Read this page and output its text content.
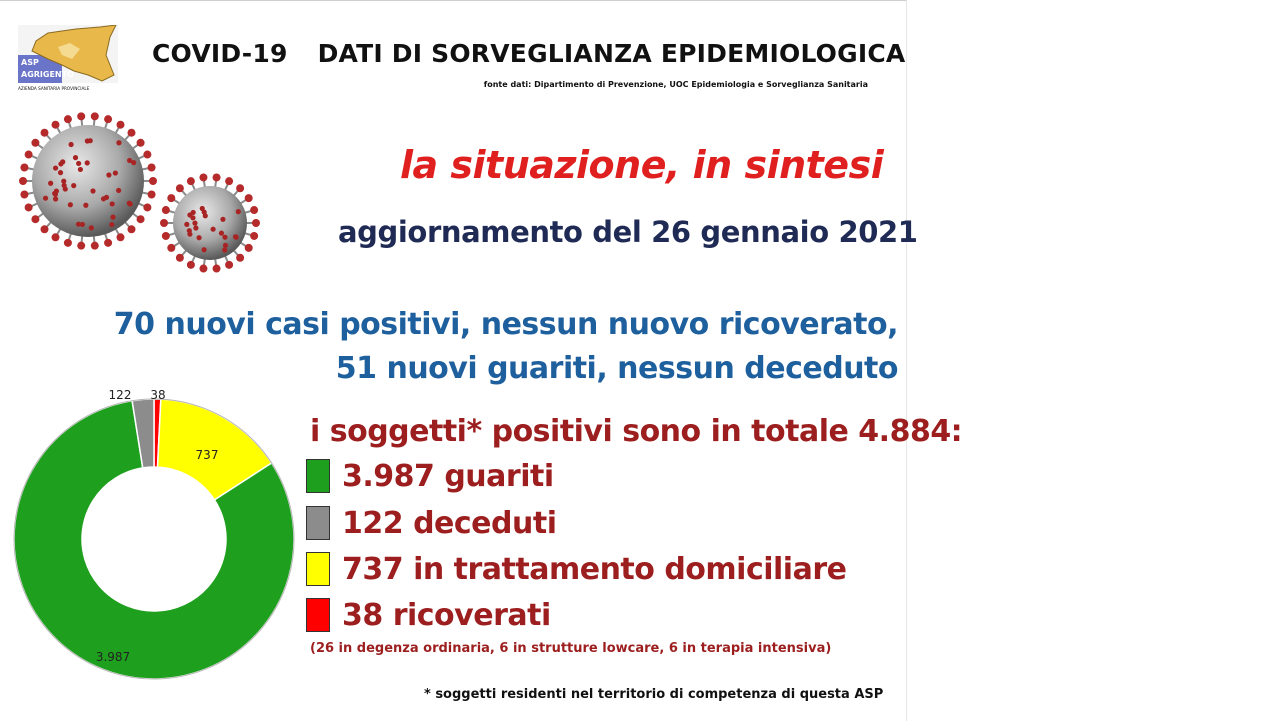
ASP
AGRIGENTO
AZIENDA SANITARIA PROVINCIALE
COVID-19 DATI DI SORVEGLIANZA EPIDEMIOLOGICA
fonte dati: Dipartimento di Prevenzione, UOC Epidemiologia e Sorveglianza Sanitaria
la situazione, in sintesi
aggiornamento del 26 gennaio 2021
70 nuovi casi positivi, nessun nuovo ricoverato,
51 nuovi guariti, nessun deceduto
i soggetti* positivi sono in totale 4.884:
3.987 guariti
122 deceduti
737 in trattamento domiciliare
38 ricoverati
(26 in degenza ordinaria, 6 in strutture lowcare, 6 in terapia intensiva)
* soggetti residenti nel territorio di competenza di questa ASP
3.987
122
737
38
